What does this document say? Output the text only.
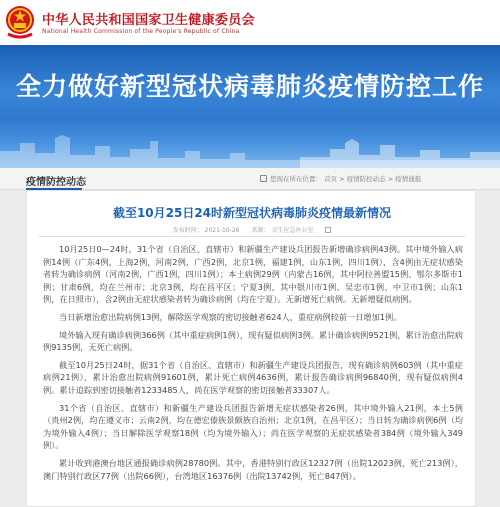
中华人民共和国国家卫生健康委员会
National Health Commission of the People's Republic of China
全力做好新型冠状病毒肺炎疫情防控工作
疫情防控动态	您现在所在位置： 首页 > 疫情防控动态 > 疫情通报
截至10月25日24时新型冠状病毒肺炎疫情最新情况
发布时间： 2021-10-26 来源： 卫生应急办公室

10月25日0—24时，31个省（自治区、直辖市）和新疆生产建设兵团报告新增确诊病例43例。其中境外输入病例14例（广东4例，上海2例，河南2例，广西2例，北京1例，福建1例，山东1例，四川1例），含4例由无症状感染者转为确诊病例（河南2例，广西1例，四川1例）；本土病例29例（内蒙古16例，其中阿拉善盟15例、鄂尔多斯市1例；甘肃6例，均在兰州市；北京3例，均在昌平区；宁夏3例，其中银川市1例、吴忠市1例、中卫市1例；山东1例，在日照市），含2例由无症状感染者转为确诊病例（均在宁夏）。无新增死亡病例。无新增疑似病例。

当日新增治愈出院病例13例，解除医学观察的密切接触者624人，重症病例较前一日增加1例。

境外输入现有确诊病例366例（其中重症病例1例），现有疑似病例3例。累计确诊病例9521例，累计治愈出院病例9135例，无死亡病例。

截至10月25日24时，据31个省（自治区、直辖市）和新疆生产建设兵团报告，现有确诊病例603例（其中重症病例21例），累计治愈出院病例91601例，累计死亡病例4636例，累计报告确诊病例96840例，现有疑似病例4例。累计追踪到密切接触者1233485人，尚在医学观察的密切接触者33307人。

31个省（自治区、直辖市）和新疆生产建设兵团报告新增无症状感染者26例，其中境外输入21例，本土5例（贵州2例，均在遵义市；云南2例，均在德宏傣族景颇族自治州；北京1例，在昌平区）；当日转为确诊病例6例（均为境外输入4例）；当日解除医学观察18例（均为境外输入）；尚在医学观察的无症状感染者384例（境外输入349例）。

累计收到港澳台地区通报确诊病例28780例。其中，香港特别行政区12327例（出院12023例，死亡213例），澳门特别行政区77例（出院66例），台湾地区16376例（出院13742例，死亡847例）。
